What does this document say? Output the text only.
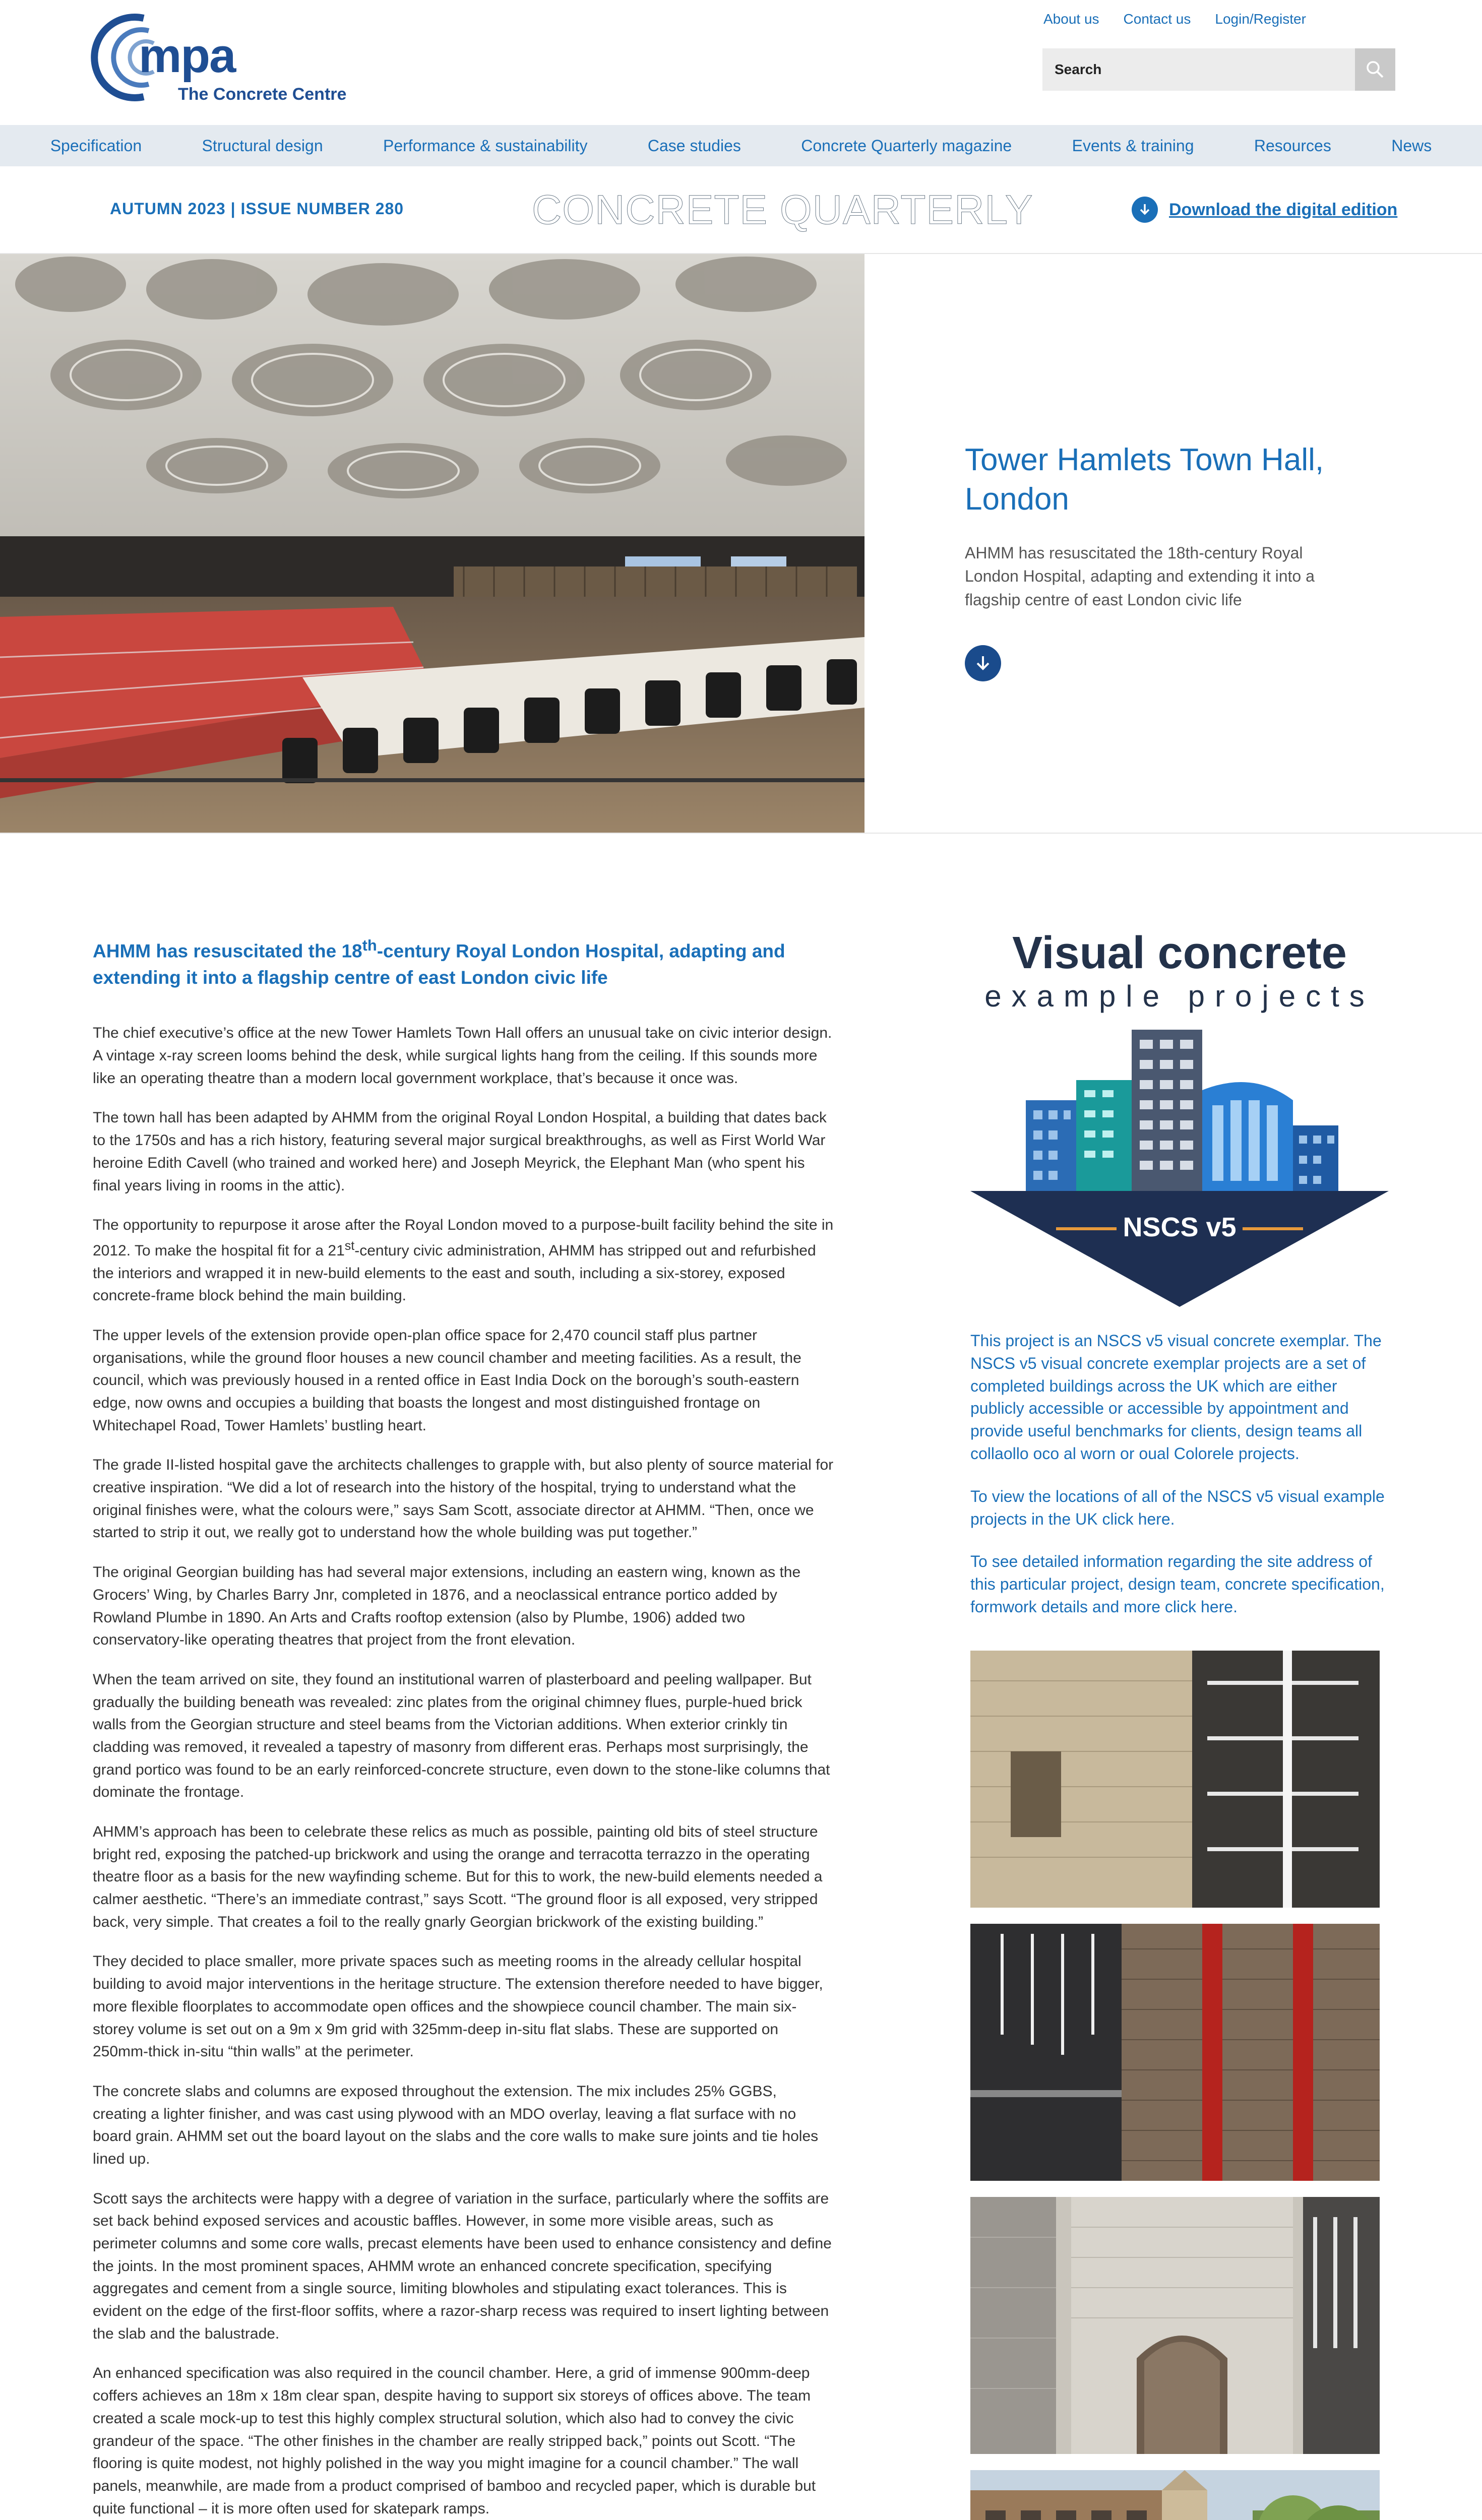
mpa
The Concrete Centre
About us Contact us Login/Register
Search
Specification	Structural design	Performance & sustainability	Case studies	Concrete Quarterly magazine	Events & training	Resources	News
AUTUMN 2023 | ISSUE NUMBER 280	CONCRETE QUARTERLY	Download the digital edition
Tower Hamlets Town Hall, London
AHMM has resuscitated the 18th-century Royal London Hospital, adapting and extending it into a flagship centre of east London civic life

AHMM has resuscitated the 18th-century Royal London Hospital, adapting and extending it into a flagship centre of east London civic life

The chief executive’s office at the new Tower Hamlets Town Hall offers an unusual take on civic interior design. A vintage x-ray screen looms behind the desk, while surgical lights hang from the ceiling. If this sounds more like an operating theatre than a modern local government workplace, that’s because it once was.

The town hall has been adapted by AHMM from the original Royal London Hospital, a building that dates back to the 1750s and has a rich history, featuring several major surgical breakthroughs, as well as First World War heroine Edith Cavell (who trained and worked here) and Joseph Meyrick, the Elephant Man (who spent his final years living in rooms in the attic).

The opportunity to repurpose it arose after the Royal London moved to a purpose-built facility behind the site in 2012. To make the hospital fit for a 21st-century civic administration, AHMM has stripped out and refurbished the interiors and wrapped it in new-build elements to the east and south, including a six-storey, exposed concrete-frame block behind the main building.

The upper levels of the extension provide open-plan office space for 2,470 council staff plus partner organisations, while the ground floor houses a new council chamber and meeting facilities. As a result, the council, which was previously housed in a rented office in East India Dock on the borough’s south-eastern edge, now owns and occupies a building that boasts the longest and most distinguished frontage on Whitechapel Road, Tower Hamlets’ bustling heart.

The grade II-listed hospital gave the architects challenges to grapple with, but also plenty of source material for creative inspiration. “We did a lot of research into the history of the hospital, trying to understand what the original finishes were, what the colours were,” says Sam Scott, associate director at AHMM. “Then, once we started to strip it out, we really got to understand how the whole building was put together.”

The original Georgian building has had several major extensions, including an eastern wing, known as the Grocers’ Wing, by Charles Barry Jnr, completed in 1876, and a neoclassical entrance portico added by Rowland Plumbe in 1890. An Arts and Crafts rooftop extension (also by Plumbe, 1906) added two conservatory-like operating theatres that project from the front elevation.

When the team arrived on site, they found an institutional warren of plasterboard and peeling wallpaper. But gradually the building beneath was revealed: zinc plates from the original chimney flues, purple-hued brick walls from the Georgian structure and steel beams from the Victorian additions. When exterior crinkly tin cladding was removed, it revealed a tapestry of masonry from different eras. Perhaps most surprisingly, the grand portico was found to be an early reinforced-concrete structure, even down to the stone-like columns that dominate the frontage.

AHMM’s approach has been to celebrate these relics as much as possible, painting old bits of steel structure bright red, exposing the patched-up brickwork and using the orange and terracotta terrazzo in the operating theatre floor as a basis for the new wayfinding scheme. But for this to work, the new-build elements needed a calmer aesthetic. “There’s an immediate contrast,” says Scott. “The ground floor is all exposed, very stripped back, very simple. That creates a foil to the really gnarly Georgian brickwork of the existing building.”

They decided to place smaller, more private spaces such as meeting rooms in the already cellular hospital building to avoid major interventions in the heritage structure. The extension therefore needed to have bigger, more flexible floorplates to accommodate open offices and the showpiece council chamber. The main six-storey volume is set out on a 9m x 9m grid with 325mm-deep in-situ flat slabs. These are supported on 250mm-thick in-situ “thin walls” at the perimeter.

The concrete slabs and columns are exposed throughout the extension. The mix includes 25% GGBS, creating a lighter finisher, and was cast using plywood with an MDO overlay, leaving a flat surface with no board grain. AHMM set out the board layout on the slabs and the core walls to make sure joints and tie holes lined up.

Scott says the architects were happy with a degree of variation in the surface, particularly where the soffits are set back behind exposed services and acoustic baffles. However, in some more visible areas, such as perimeter columns and some core walls, precast elements have been used to enhance consistency and define the joints. In the most prominent spaces, AHMM wrote an enhanced concrete specification, specifying aggregates and cement from a single source, limiting blowholes and stipulating exact tolerances. This is evident on the edge of the first-floor soffits, where a razor-sharp recess was required to insert lighting between the slab and the balustrade.

An enhanced specification was also required in the council chamber. Here, a grid of immense 900mm-deep coffers achieves an 18m x 18m clear span, despite having to support six storeys of offices above. The team created a scale mock-up to test this highly complex structural solution, which also had to convey the civic grandeur of the space. “The other finishes in the chamber are really stripped back,” points out Scott. “The flooring is quite modest, not highly polished in the way you might imagine for a council chamber.” The wall panels, meanwhile, are made from a product comprised of bamboo and recycled paper, which is durable but quite functional – it is more often used for skatepark ramps.

Visual concrete
example projects
NSCS v5

This project is an NSCS v5 visual concrete exemplar. The NSCS v5 visual concrete exemplar projects are a set of completed buildings across the UK which are either publicly accessible or accessible by appointment and provide useful benchmarks for clients, design teams all collaollo oco al worn or oual Colorele projects.

To view the locations of all of the NSCS v5 visual example projects in the UK click here.

To see detailed information regarding the site address of this particular project, design team, concrete specification, formwork details and more click here.
